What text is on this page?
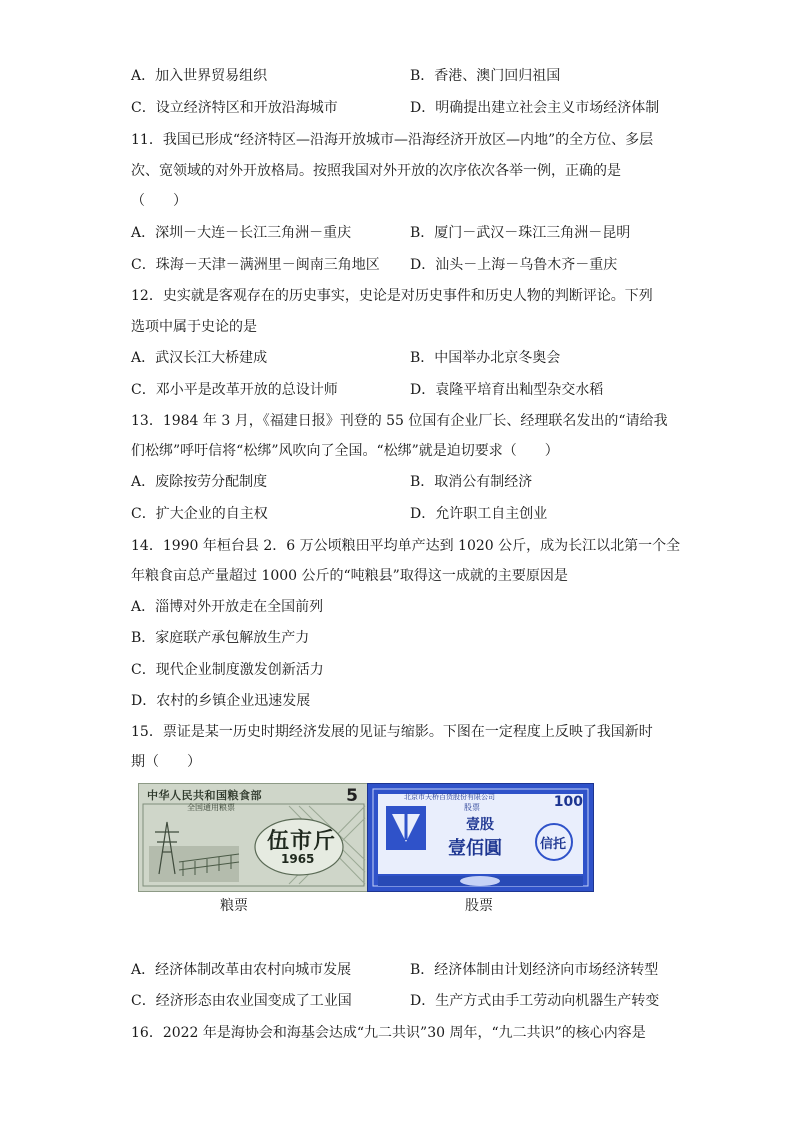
A．加入世界贸易组织	B．香港、澳门回归祖国
C．设立经济特区和开放沿海城市	D．明确提出建立社会主义市场经济体制
11．我国已形成“经济特区—沿海开放城市—沿海经济开放区—内地”的全方位、多层
次、宽领域的对外开放格局。按照我国对外开放的次序依次各举一例，正确的是
（　　）
A．深圳－大连－长江三角洲－重庆	B．厦门－武汉－珠江三角洲－昆明
C．珠海－天津－满洲里－闽南三角地区 D．汕头－上海－乌鲁木齐－重庆
12．史实就是客观存在的历史事实，史论是对历史事件和历史人物的判断评论。下列
选项中属于史论的是
A．武汉长江大桥建成	B．中国举办北京冬奥会
C．邓小平是改革开放的总设计师	D．袁隆平培育出籼型杂交水稻
13．1984 年 3 月，《福建日报》刊登的 55 位国有企业厂长、经理联名发出的“请给我
们松绑”呼吁信将“松绑”风吹向了全国。“松绑”就是迫切要求（　　）
A．废除按劳分配制度	B．取消公有制经济
C．扩大企业的自主权	D．允许职工自主创业
14．1990 年桓台县 2．6 万公顷粮田平均单产达到 1020 公斤，成为长江以北第一个全
年粮食亩总产量超过 1000 公斤的“吨粮县”取得这一成就的主要原因是
A．淄博对外开放走在全国前列
B．家庭联产承包解放生产力
C．现代企业制度激发创新活力
D．农村的乡镇企业迅速发展
15．票证是某一历史时期经济发展的见证与缩影。下图在一定程度上反映了我国新时
期（　　）
中华人民共和国粮食部
全国通用粮票
5
伍市斤
1965
北京市天桥百货股份有限公司
股票	100
壹股
壹佰圓	信托
粮票	股票
A．经济体制改革由农村向城市发展	B．经济体制由计划经济向市场经济转型
C．经济形态由农业国变成了工业国	D．生产方式由手工劳动向机器生产转变
16．2022 年是海协会和海基会达成“九二共识”30 周年，“九二共识”的核心内容是
